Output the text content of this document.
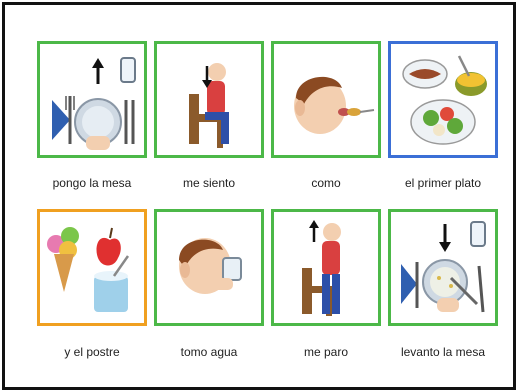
pongo la mesa	me siento	como	el primer plato
y el postre	tomo agua	me paro	levanto la mesa
